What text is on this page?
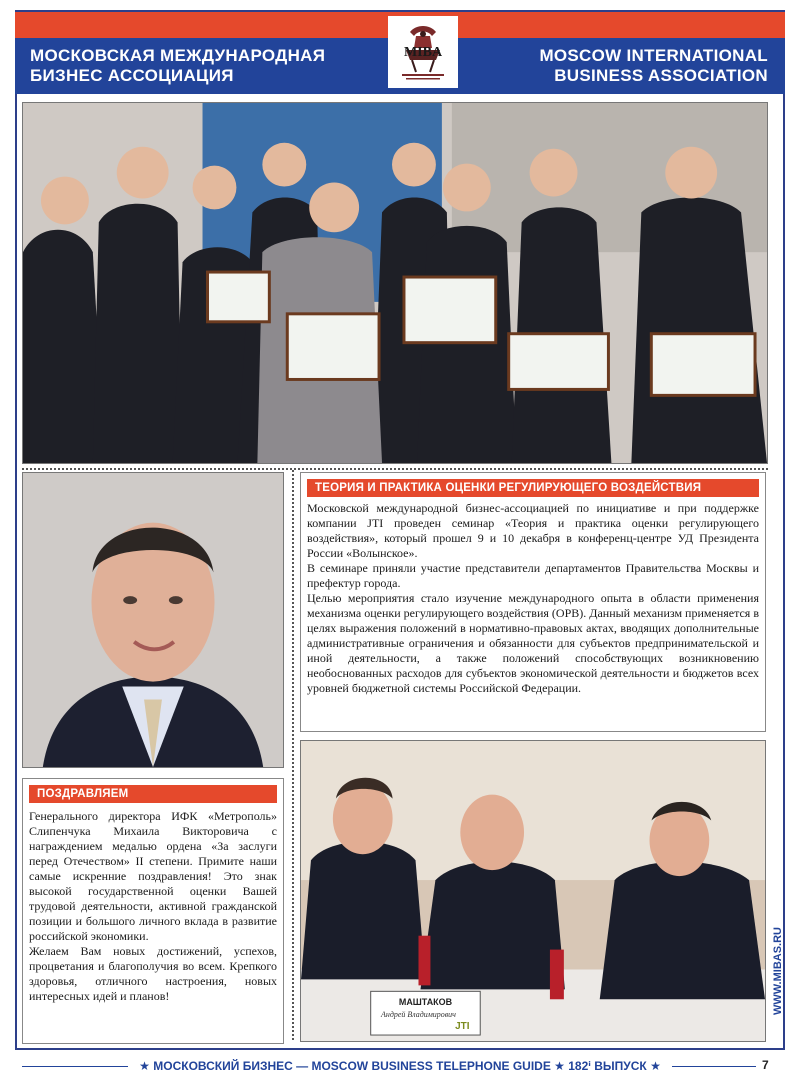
МОСКОВСКАЯ МЕЖДУНАРОДНАЯ
БИЗНЕС АССОЦИАЦИЯ
MOSCOW INTERNATIONAL
BUSINESS ASSOCIATION
MIBA
ТЕОРИЯ И ПРАКТИКА ОЦЕНКИ РЕГУЛИРУЮЩЕГО ВОЗДЕЙСТВИЯ

Московской международной бизнес-ассоциацией по инициативе и при поддержке компании JTI проведен семинар «Теория и практика оценки регулирующего воздействия», который прошел 9 и 10 декабря в конференц-центре УД Президента России «Волынское».

В семинаре приняли участие представители департаментов Правительства Москвы и префектур города.

Целью мероприятия стало изучение международного опыта в области применения механизма оценки регулирующего воздействия (ОРВ). Данный механизм применяется в целях выражения положений в нормативно-правовых актах, вводящих дополнительные административные ограничения и обязанности для субъектов предпринимательской и иной деятельности, а также положений способствующих возникновению необоснованных расходов для субъектов экономической деятельности и бюджетов всех уровней бюджетной системы Российской Федерации.

ПОЗДРАВЛЯЕМ

Генерального директора ИФК «Метрополь» Слипенчука Михаила Викторовича с награждением медалью ордена «За заслуги перед Отечеством» II степени. Примите наши самые искренние поздравления! Это знак высокой государственной оценки Вашей трудовой деятельности, активной гражданской позиции и большого личного вклада в развитие российской экономики.

Желаем Вам новых достижений, успехов, процветания и благополучия во всем. Крепкого здоровья, отличного настроения, новых интересных идей и планов!	МАШТАКОВ
Андрей Владимирович
JTI
WWW.MIBAS.RU
★ МОСКОВСКИЙ БИЗНЕС — MOSCOW BUSINESS TELEPHONE GUIDE ★ 182ⁱ ВЫПУСК ★	7
